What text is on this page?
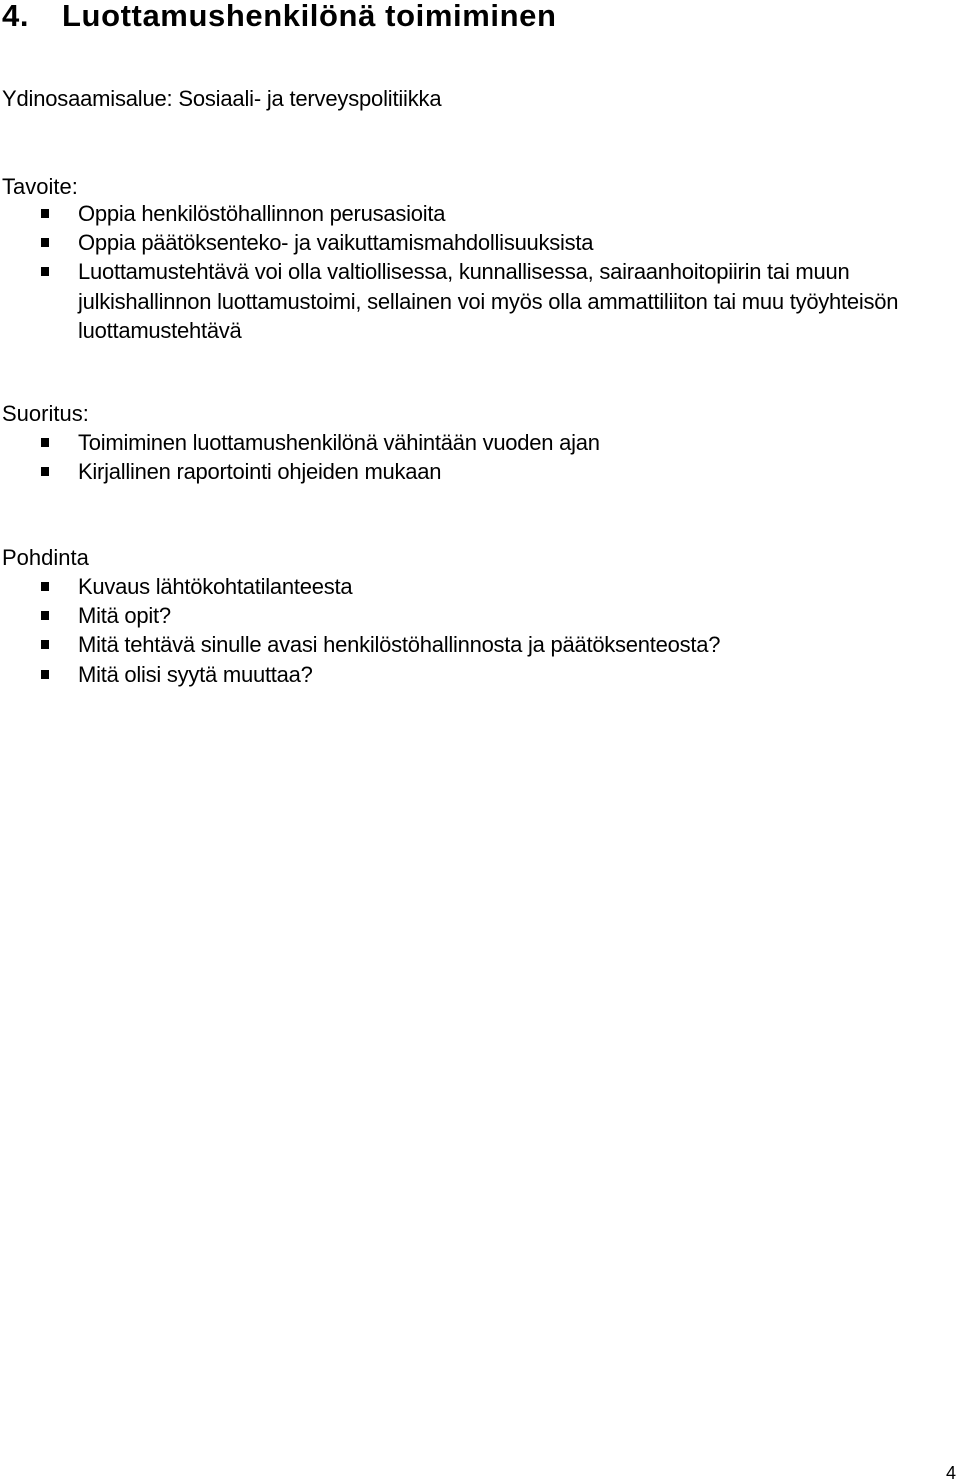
4. Luottamushenkilönä toimiminen
Ydinosaamisalue: Sosiaali- ja terveyspolitiikka
Tavoite:
Oppia henkilöstöhallinnon perusasioita
Oppia päätöksenteko- ja vaikuttamismahdollisuuksista
Luottamustehtävä voi olla valtiollisessa, kunnallisessa, sairaanhoitopiirin tai muun julkishallinnon luottamustoimi, sellainen voi myös olla ammattiliiton tai muu työyhteisön luottamustehtävä
Suoritus:
Toimiminen luottamushenkilönä vähintään vuoden ajan
Kirjallinen raportointi ohjeiden mukaan
Pohdinta
Kuvaus lähtökohtatilanteesta
Mitä opit?
Mitä tehtävä sinulle avasi henkilöstöhallinnosta ja päätöksenteosta?
Mitä olisi syytä muuttaa?
4
